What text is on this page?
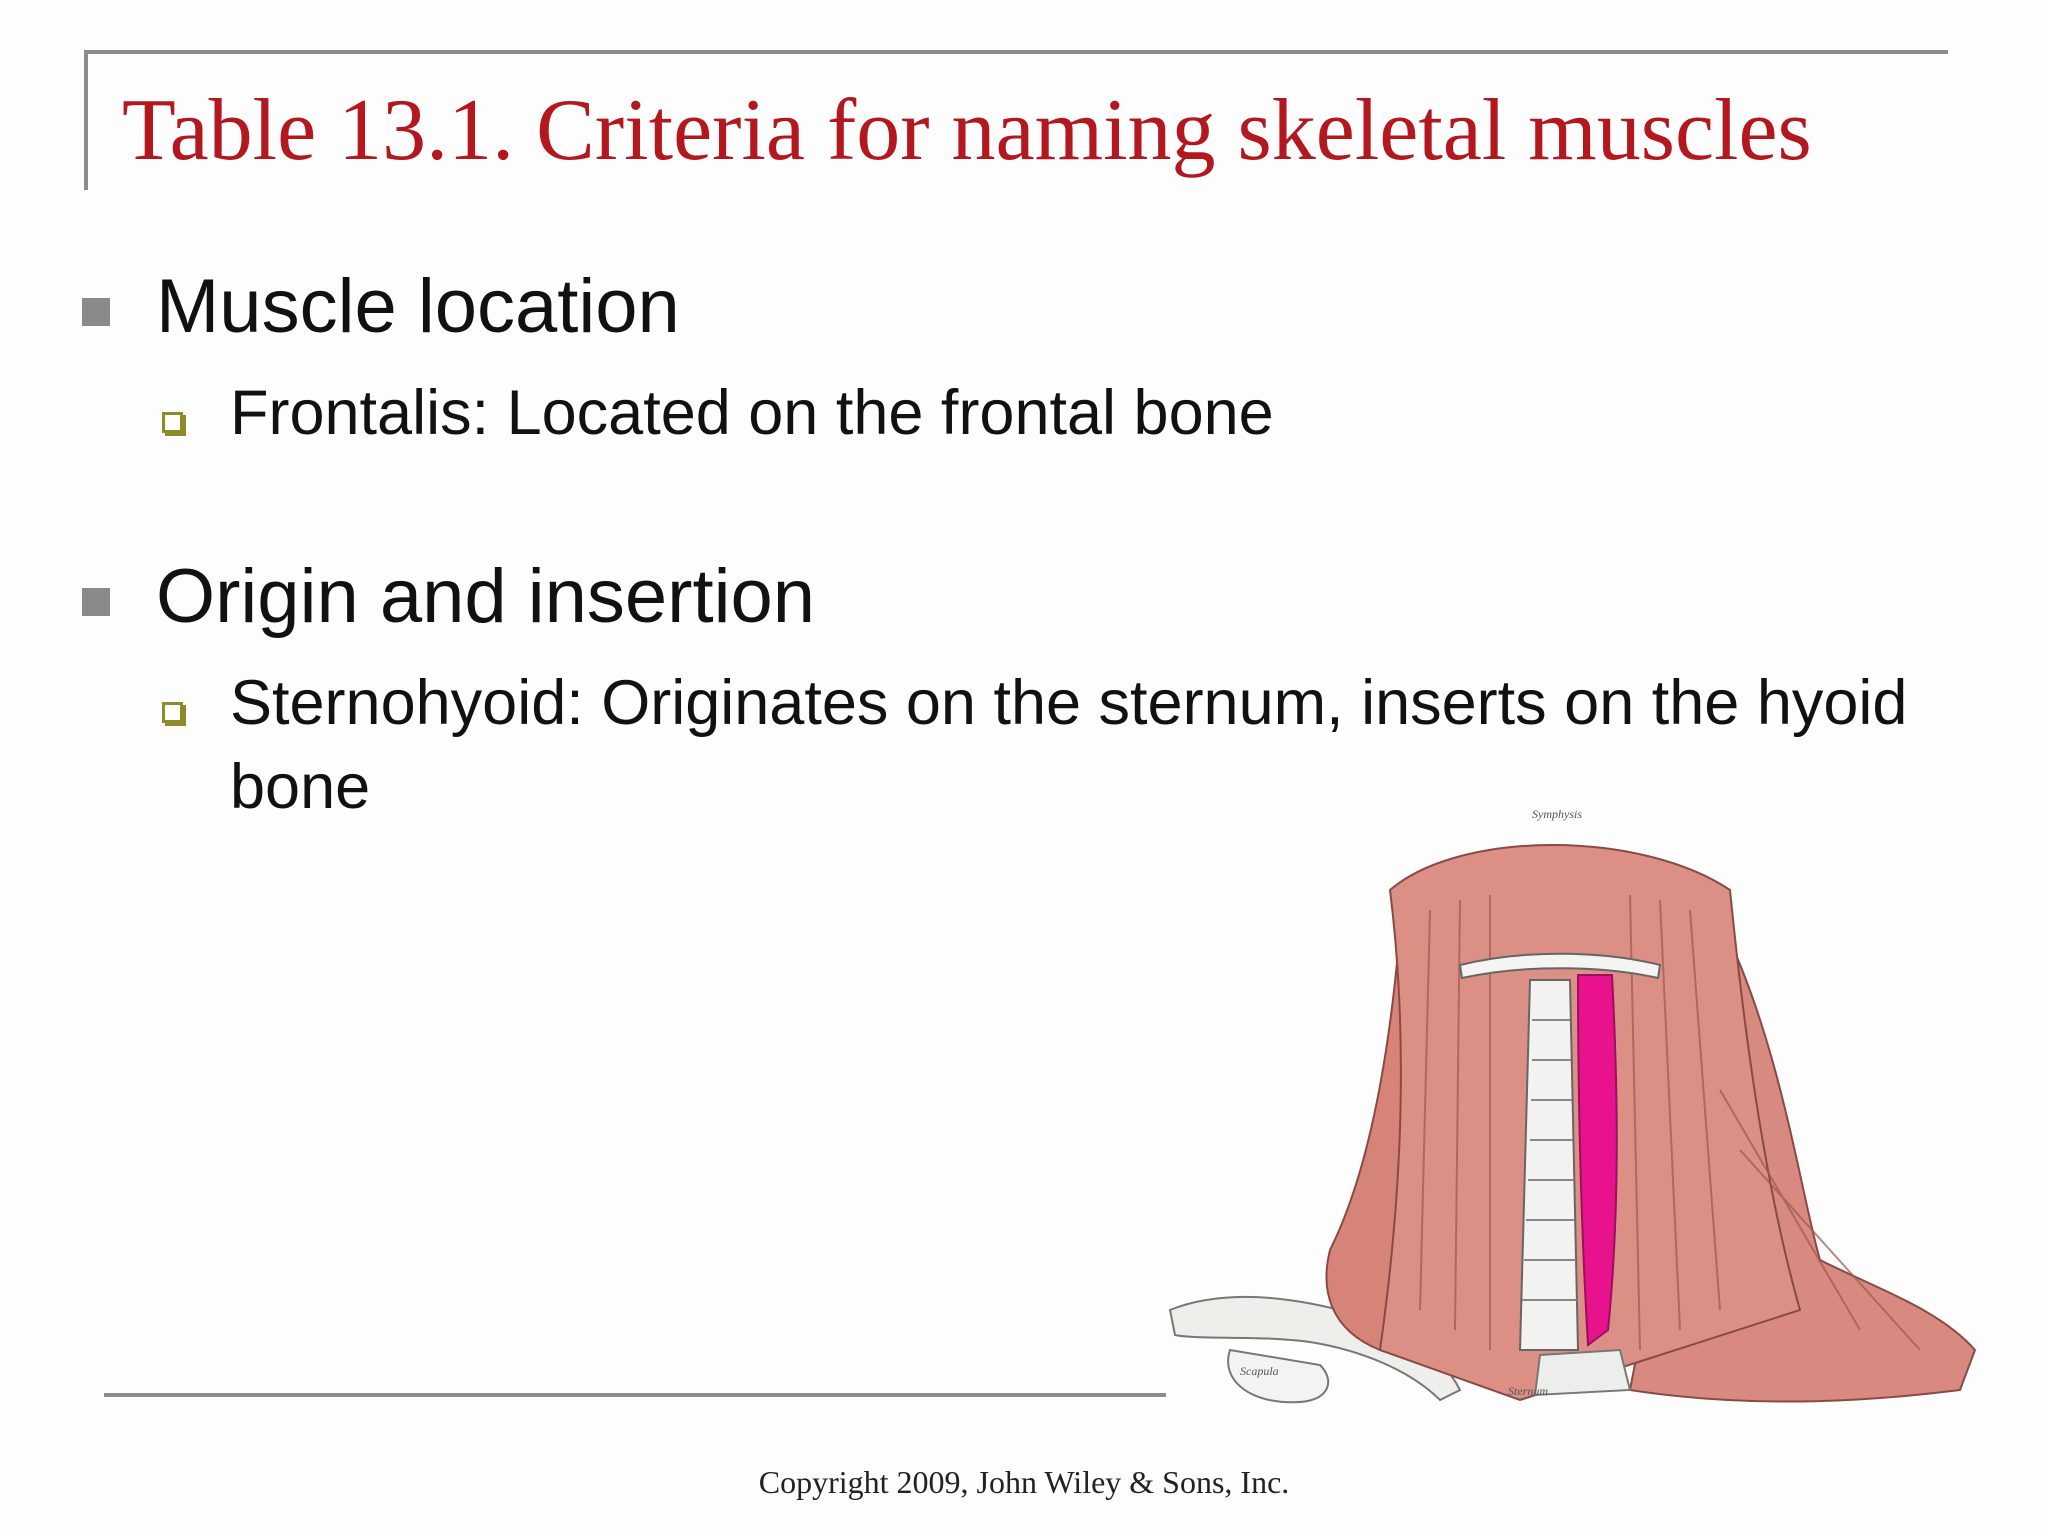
Table 13.1. Criteria for naming skeletal muscles
Muscle location
Frontalis: Located on the frontal bone
Origin and insertion
Sternohyoid: Originates on the sternum, inserts on the hyoid bone	Symphysis
Scapula
Sternum
Copyright 2009, John Wiley & Sons, Inc.
